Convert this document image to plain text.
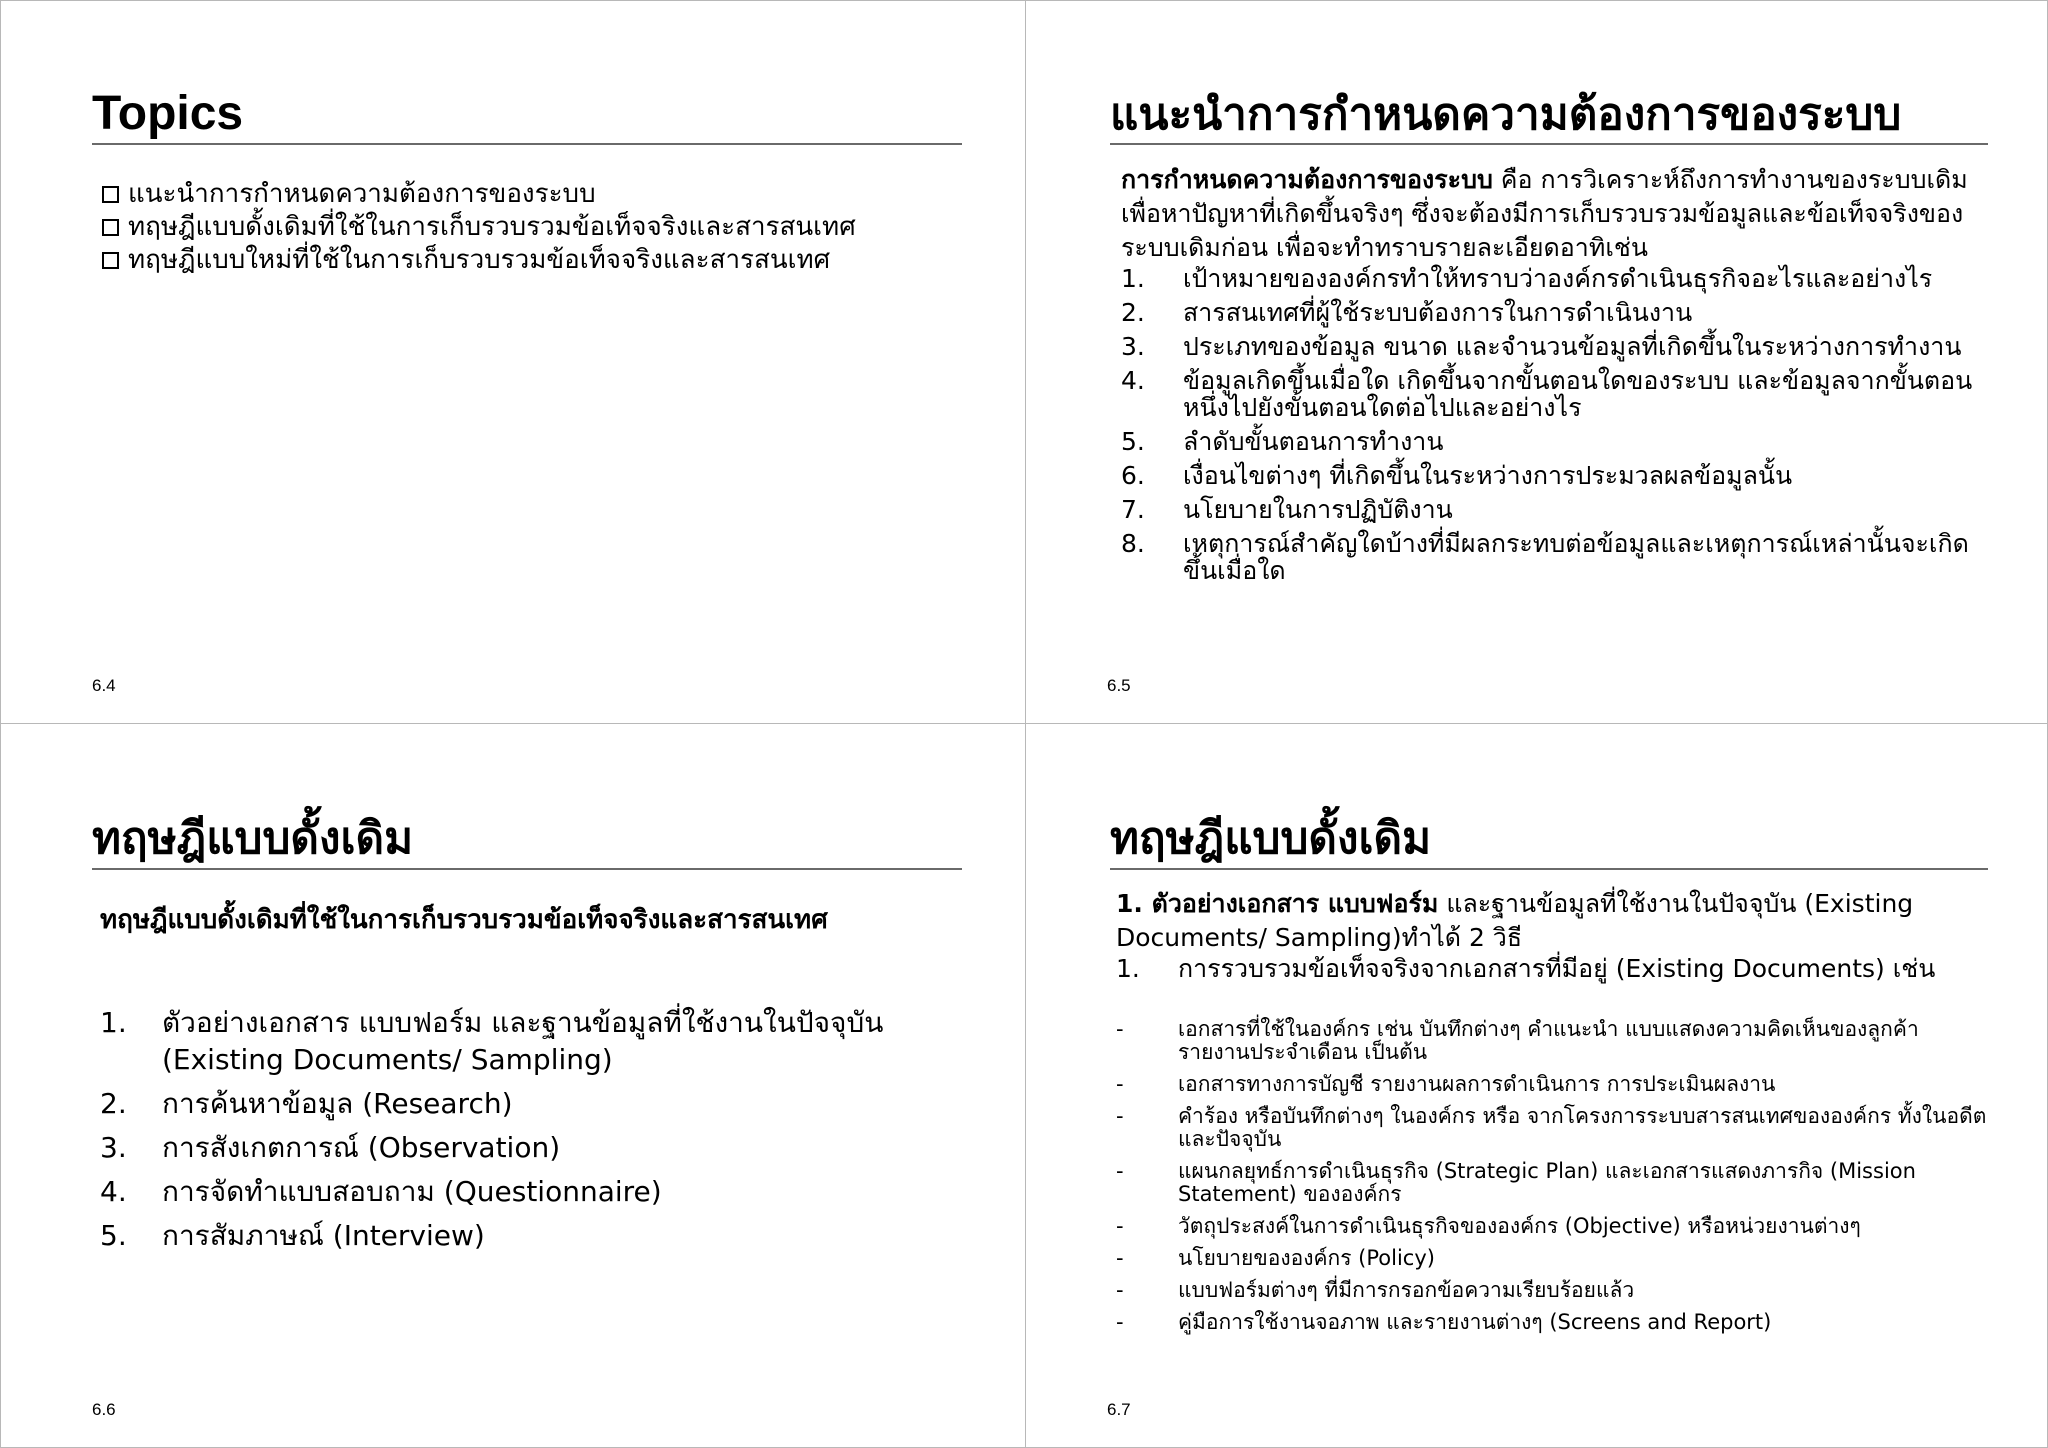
Topics
แนะนำการกำหนดความต้องการของระบบ
ทฤษฎีแบบดั้งเดิมที่ใช้ในการเก็บรวบรวมข้อเท็จจริงและสารสนเทศ
ทฤษฎีแบบใหม่ที่ใช้ในการเก็บรวบรวมข้อเท็จจริงและสารสนเทศ
6.4
แนะนำการกำหนดความต้องการของระบบ

การกำหนดความต้องการของระบบ คือ การวิเคราะห์ถึงการทำงานของระบบเดิมเพื่อหาปัญหาที่เกิดขึ้นจริงๆ ซึ่งจะต้องมีการเก็บรวบรวมข้อมูลและข้อเท็จจริงของระบบเดิมก่อน เพื่อจะทำทราบรายละเอียดอาทิเช่น

1.	เป้าหมายขององค์กรทำให้ทราบว่าองค์กรดำเนินธุรกิจอะไรและอย่างไร
2.	สารสนเทศที่ผู้ใช้ระบบต้องการในการดำเนินงาน
3.	ประเภทของข้อมูล ขนาด และจำนวนข้อมูลที่เกิดขึ้นในระหว่างการทำงาน
4.	ข้อมูลเกิดขึ้นเมื่อใด เกิดขึ้นจากขั้นตอนใดของระบบ และข้อมูลจากขั้นตอนหนึ่งไปยังขั้นตอนใดต่อไปและอย่างไร
5.	ลำดับขั้นตอนการทำงาน
6.	เงื่อนไขต่างๆ ที่เกิดขึ้นในระหว่างการประมวลผลข้อมูลนั้น
7.	นโยบายในการปฏิบัติงาน
8.	เหตุการณ์สำคัญใดบ้างที่มีผลกระทบต่อข้อมูลและเหตุการณ์เหล่านั้นจะเกิดขึ้นเมื่อใด
6.5
ทฤษฎีแบบดั้งเดิม

ทฤษฎีแบบดั้งเดิมที่ใช้ในการเก็บรวบรวมข้อเท็จจริงและสารสนเทศ

1.	ตัวอย่างเอกสาร แบบฟอร์ม และฐานข้อมูลที่ใช้งานในปัจจุบัน (Existing Documents/ Sampling)
2.	การค้นหาข้อมูล (Research)
3.	การสังเกตการณ์ (Observation)
4.	การจัดทำแบบสอบถาม (Questionnaire)
5.	การสัมภาษณ์ (Interview)
6.6
ทฤษฎีแบบดั้งเดิม

1. ตัวอย่างเอกสาร แบบฟอร์ม และฐานข้อมูลที่ใช้งานในปัจจุบัน (Existing Documents/ Sampling)ทำได้ 2 วิธี

1.	การรวบรวมข้อเท็จจริงจากเอกสารที่มีอยู่ (Existing Documents) เช่น
-	เอกสารที่ใช้ในองค์กร เช่น บันทึกต่างๆ คำแนะนำ แบบแสดงความคิดเห็นของลูกค้า รายงานประจำเดือน เป็นต้น
-	เอกสารทางการบัญชี รายงานผลการดำเนินการ การประเมินผลงาน
-	คำร้อง หรือบันทึกต่างๆ ในองค์กร หรือ จากโครงการระบบสารสนเทศขององค์กร ทั้งในอดีตและปัจจุบัน
-	แผนกลยุทธ์การดำเนินธุรกิจ (Strategic Plan) และเอกสารแสดงภารกิจ (Mission Statement) ขององค์กร
-	วัตถุประสงค์ในการดำเนินธุรกิจขององค์กร (Objective) หรือหน่วยงานต่างๆ
-	นโยบายขององค์กร (Policy)
-	แบบฟอร์มต่างๆ ที่มีการกรอกข้อความเรียบร้อยแล้ว
-	คู่มือการใช้งานจอภาพ และรายงานต่างๆ (Screens and Report)
6.7
